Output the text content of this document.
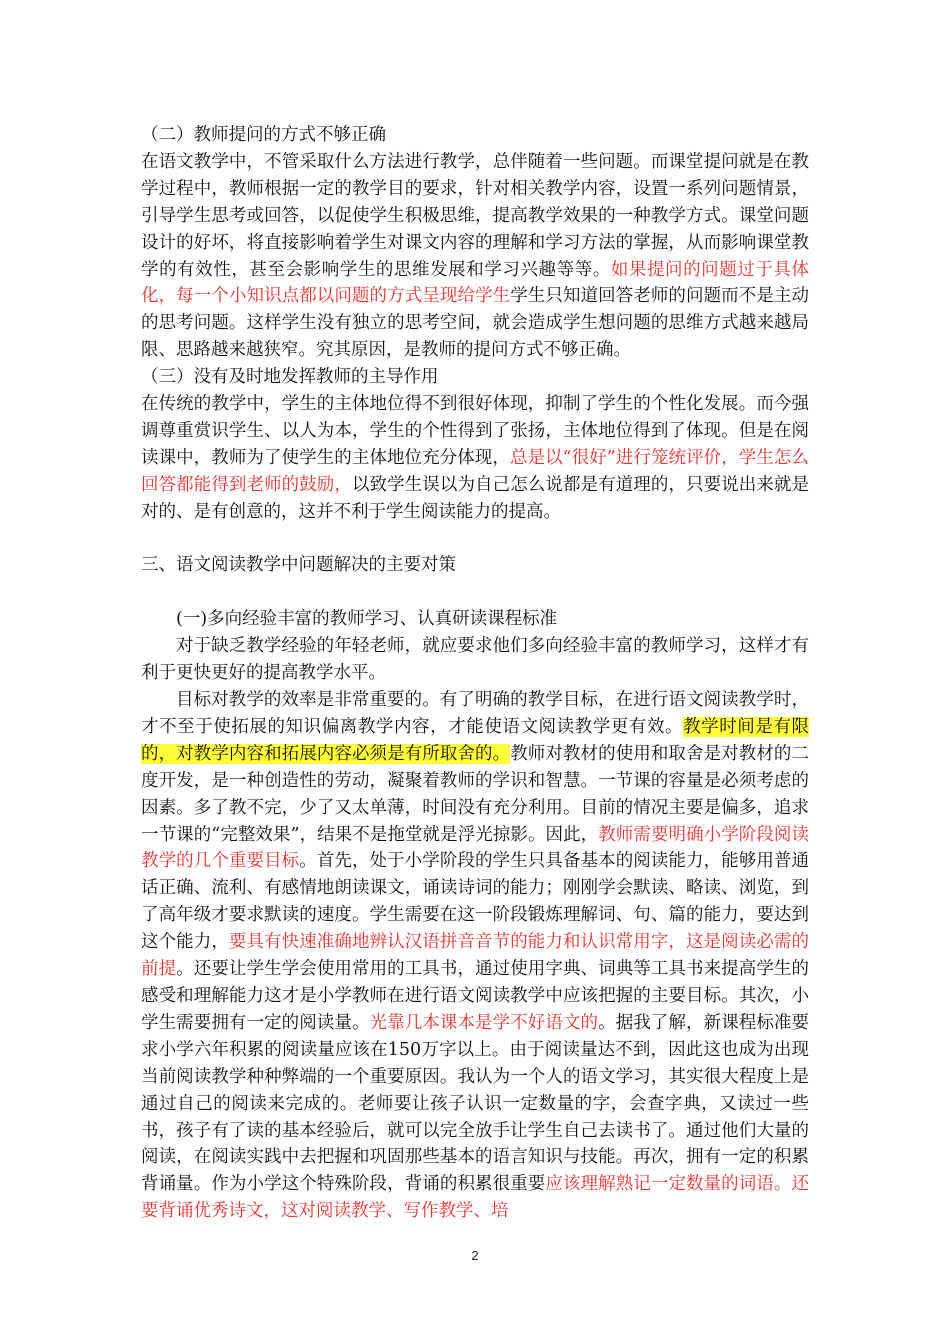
（二）教师提问的方式不够正确

在语文教学中，不管采取什么方法进行教学，总伴随着一些问题。而课堂提问就是在教学过程中，教师根据一定的教学目的要求，针对相关教学内容，设置一系列问题情景，引导学生思考或回答，以促使学生积极思维，提高教学效果的一种教学方式。课堂问题设计的好坏，将直接影响着学生对课文内容的理解和学习方法的掌握，从而影响课堂教学的有效性，甚至会影响学生的思维发展和学习兴趣等等。如果提问的问题过于具体化，每一个小知识点都以问题的方式呈现给学生学生只知道回答老师的问题而不是主动的思考问题。这样学生没有独立的思考空间，就会造成学生想问题的思维方式越来越局限、思路越来越狭窄。究其原因，是教师的提问方式不够正确。

（三）没有及时地发挥教师的主导作用

在传统的教学中，学生的主体地位得不到很好体现，抑制了学生的个性化发展。而今强调尊重赏识学生、以人为本，学生的个性得到了张扬，主体地位得到了体现。但是在阅读课中，教师为了使学生的主体地位充分体现，总是以“很好”进行笼统评价，学生怎么回答都能得到老师的鼓励，以致学生误以为自己怎么说都是有道理的，只要说出来就是对的、是有创意的，这并不利于学生阅读能力的提高。

三、语文阅读教学中问题解决的主要对策

(一)多向经验丰富的教师学习、认真研读课程标准

对于缺乏教学经验的年轻老师，就应要求他们多向经验丰富的教师学习，这样才有利于更快更好的提高教学水平。

目标对教学的效率是非常重要的。有了明确的教学目标，在进行语文阅读教学时，才不至于使拓展的知识偏离教学内容，才能使语文阅读教学更有效。教学时间是有限的，对教学内容和拓展内容必须是有所取舍的。教师对教材的使用和取舍是对教材的二度开发，是一种创造性的劳动，凝聚着教师的学识和智慧。一节课的容量是必须考虑的因素。多了教不完，少了又太单薄，时间没有充分利用。目前的情况主要是偏多，追求一节课的“完整效果”，结果不是拖堂就是浮光掠影。因此，教师需要明确小学阶段阅读教学的几个重要目标。首先，处于小学阶段的学生只具备基本的阅读能力，能够用普通话正确、流利、有感情地朗读课文，诵读诗词的能力；刚刚学会默读、略读、浏览，到了高年级才要求默读的速度。学生需要在这一阶段锻炼理解词、句、篇的能力，要达到这个能力，要具有快速准确地辨认汉语拼音音节的能力和认识常用字，这是阅读必需的前提。还要让学生学会使用常用的工具书，通过使用字典、词典等工具书来提高学生的感受和理解能力这才是小学教师在进行语文阅读教学中应该把握的主要目标。其次，小学生需要拥有一定的阅读量。光靠几本课本是学不好语文的。据我了解，新课程标准要求小学六年积累的阅读量应该在150万字以上。由于阅读量达不到，因此这也成为出现当前阅读教学种种弊端的一个重要原因。我认为一个人的语文学习，其实很大程度上是通过自己的阅读来完成的。老师要让孩子认识一定数量的字，会查字典，又读过一些书，孩子有了读的基本经验后，就可以完全放手让学生自己去读书了。通过他们大量的阅读，在阅读实践中去把握和巩固那些基本的语言知识与技能。再次，拥有一定的积累背诵量。作为小学这个特殊阶段，背诵的积累很重要应该理解熟记一定数量的词语。还要背诵优秀诗文，这对阅读教学、写作教学、培

2
